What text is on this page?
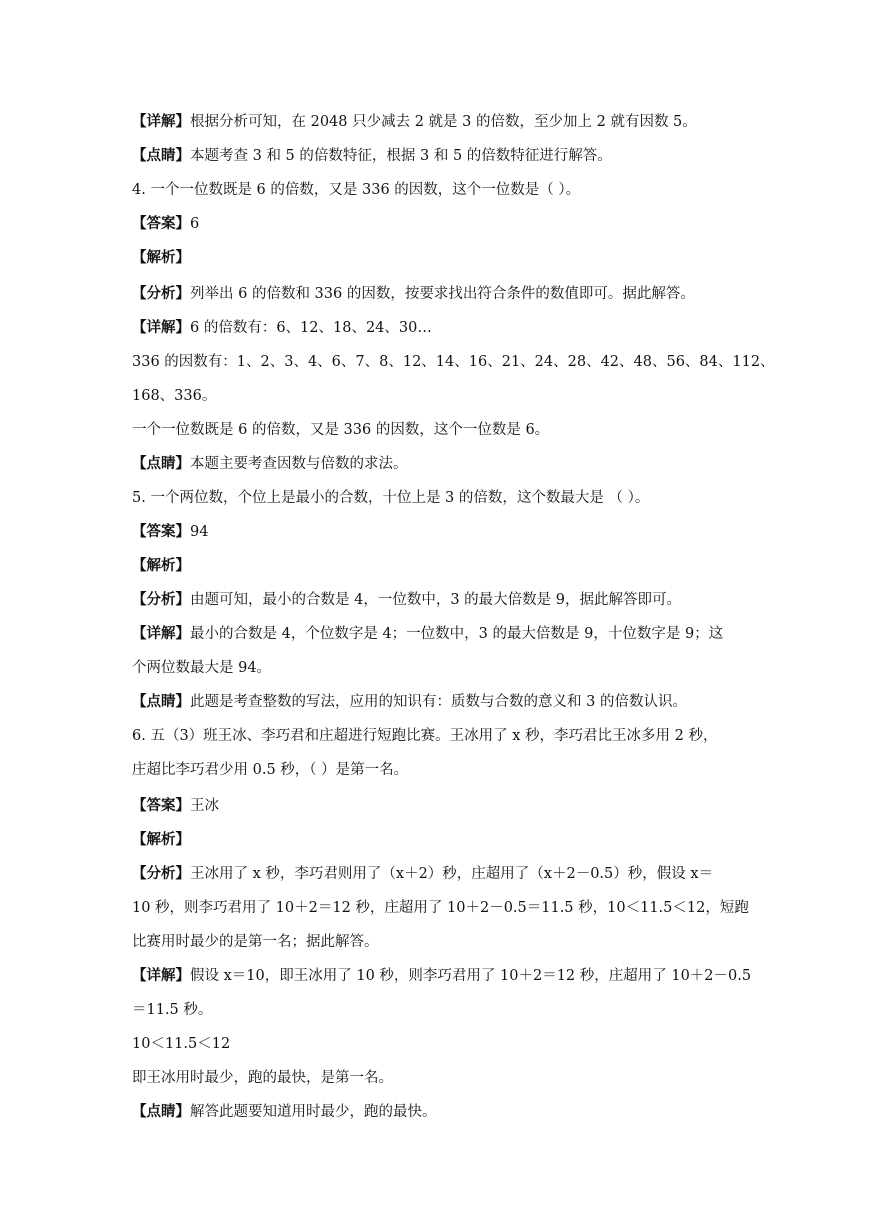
【详解】根据分析可知，在 2048 只少减去 2 就是 3 的倍数，至少加上 2 就有因数 5。
【点睛】本题考查 3 和 5 的倍数特征，根据 3 和 5 的倍数特征进行解答。
4. 一个一位数既是 6 的倍数，又是 336 的因数，这个一位数是（ ）。
【答案】6
【解析】
【分析】列举出 6 的倍数和 336 的因数，按要求找出符合条件的数值即可。据此解答。
【详解】6 的倍数有：6、12、18、24、30…
336 的因数有：1、2、3、4、6、7、8、12、14、16、21、24、28、42、48、56、84、112、
168、336。
一个一位数既是 6 的倍数，又是 336 的因数，这个一位数是 6。
【点睛】本题主要考查因数与倍数的求法。
5. 一个两位数，个位上是最小的合数，十位上是 3 的倍数，这个数最大是 （ ）。
【答案】94
【解析】
【分析】由题可知，最小的合数是 4，一位数中，3 的最大倍数是 9，据此解答即可。
【详解】最小的合数是 4，个位数字是 4；一位数中，3 的最大倍数是 9，十位数字是 9；这
个两位数最大是 94。
【点睛】此题是考查整数的写法，应用的知识有：质数与合数的意义和 3 的倍数认识。
6. 五（3）班王冰、李巧君和庄超进行短跑比赛。王冰用了 x 秒，李巧君比王冰多用 2 秒，
庄超比李巧君少用 0.5 秒，（ ）是第一名。
【答案】王冰
【解析】
【分析】王冰用了 x 秒，李巧君则用了（x＋2）秒，庄超用了（x＋2－0.5）秒，假设 x＝
10 秒，则李巧君用了 10＋2＝12 秒，庄超用了 10＋2－0.5＝11.5 秒，10＜11.5＜12，短跑
比赛用时最少的是第一名；据此解答。
【详解】假设 x＝10，即王冰用了 10 秒，则李巧君用了 10＋2＝12 秒，庄超用了 10＋2－0.5
＝11.5 秒。
10＜11.5＜12
即王冰用时最少，跑的最快，是第一名。
【点睛】解答此题要知道用时最少，跑的最快。
